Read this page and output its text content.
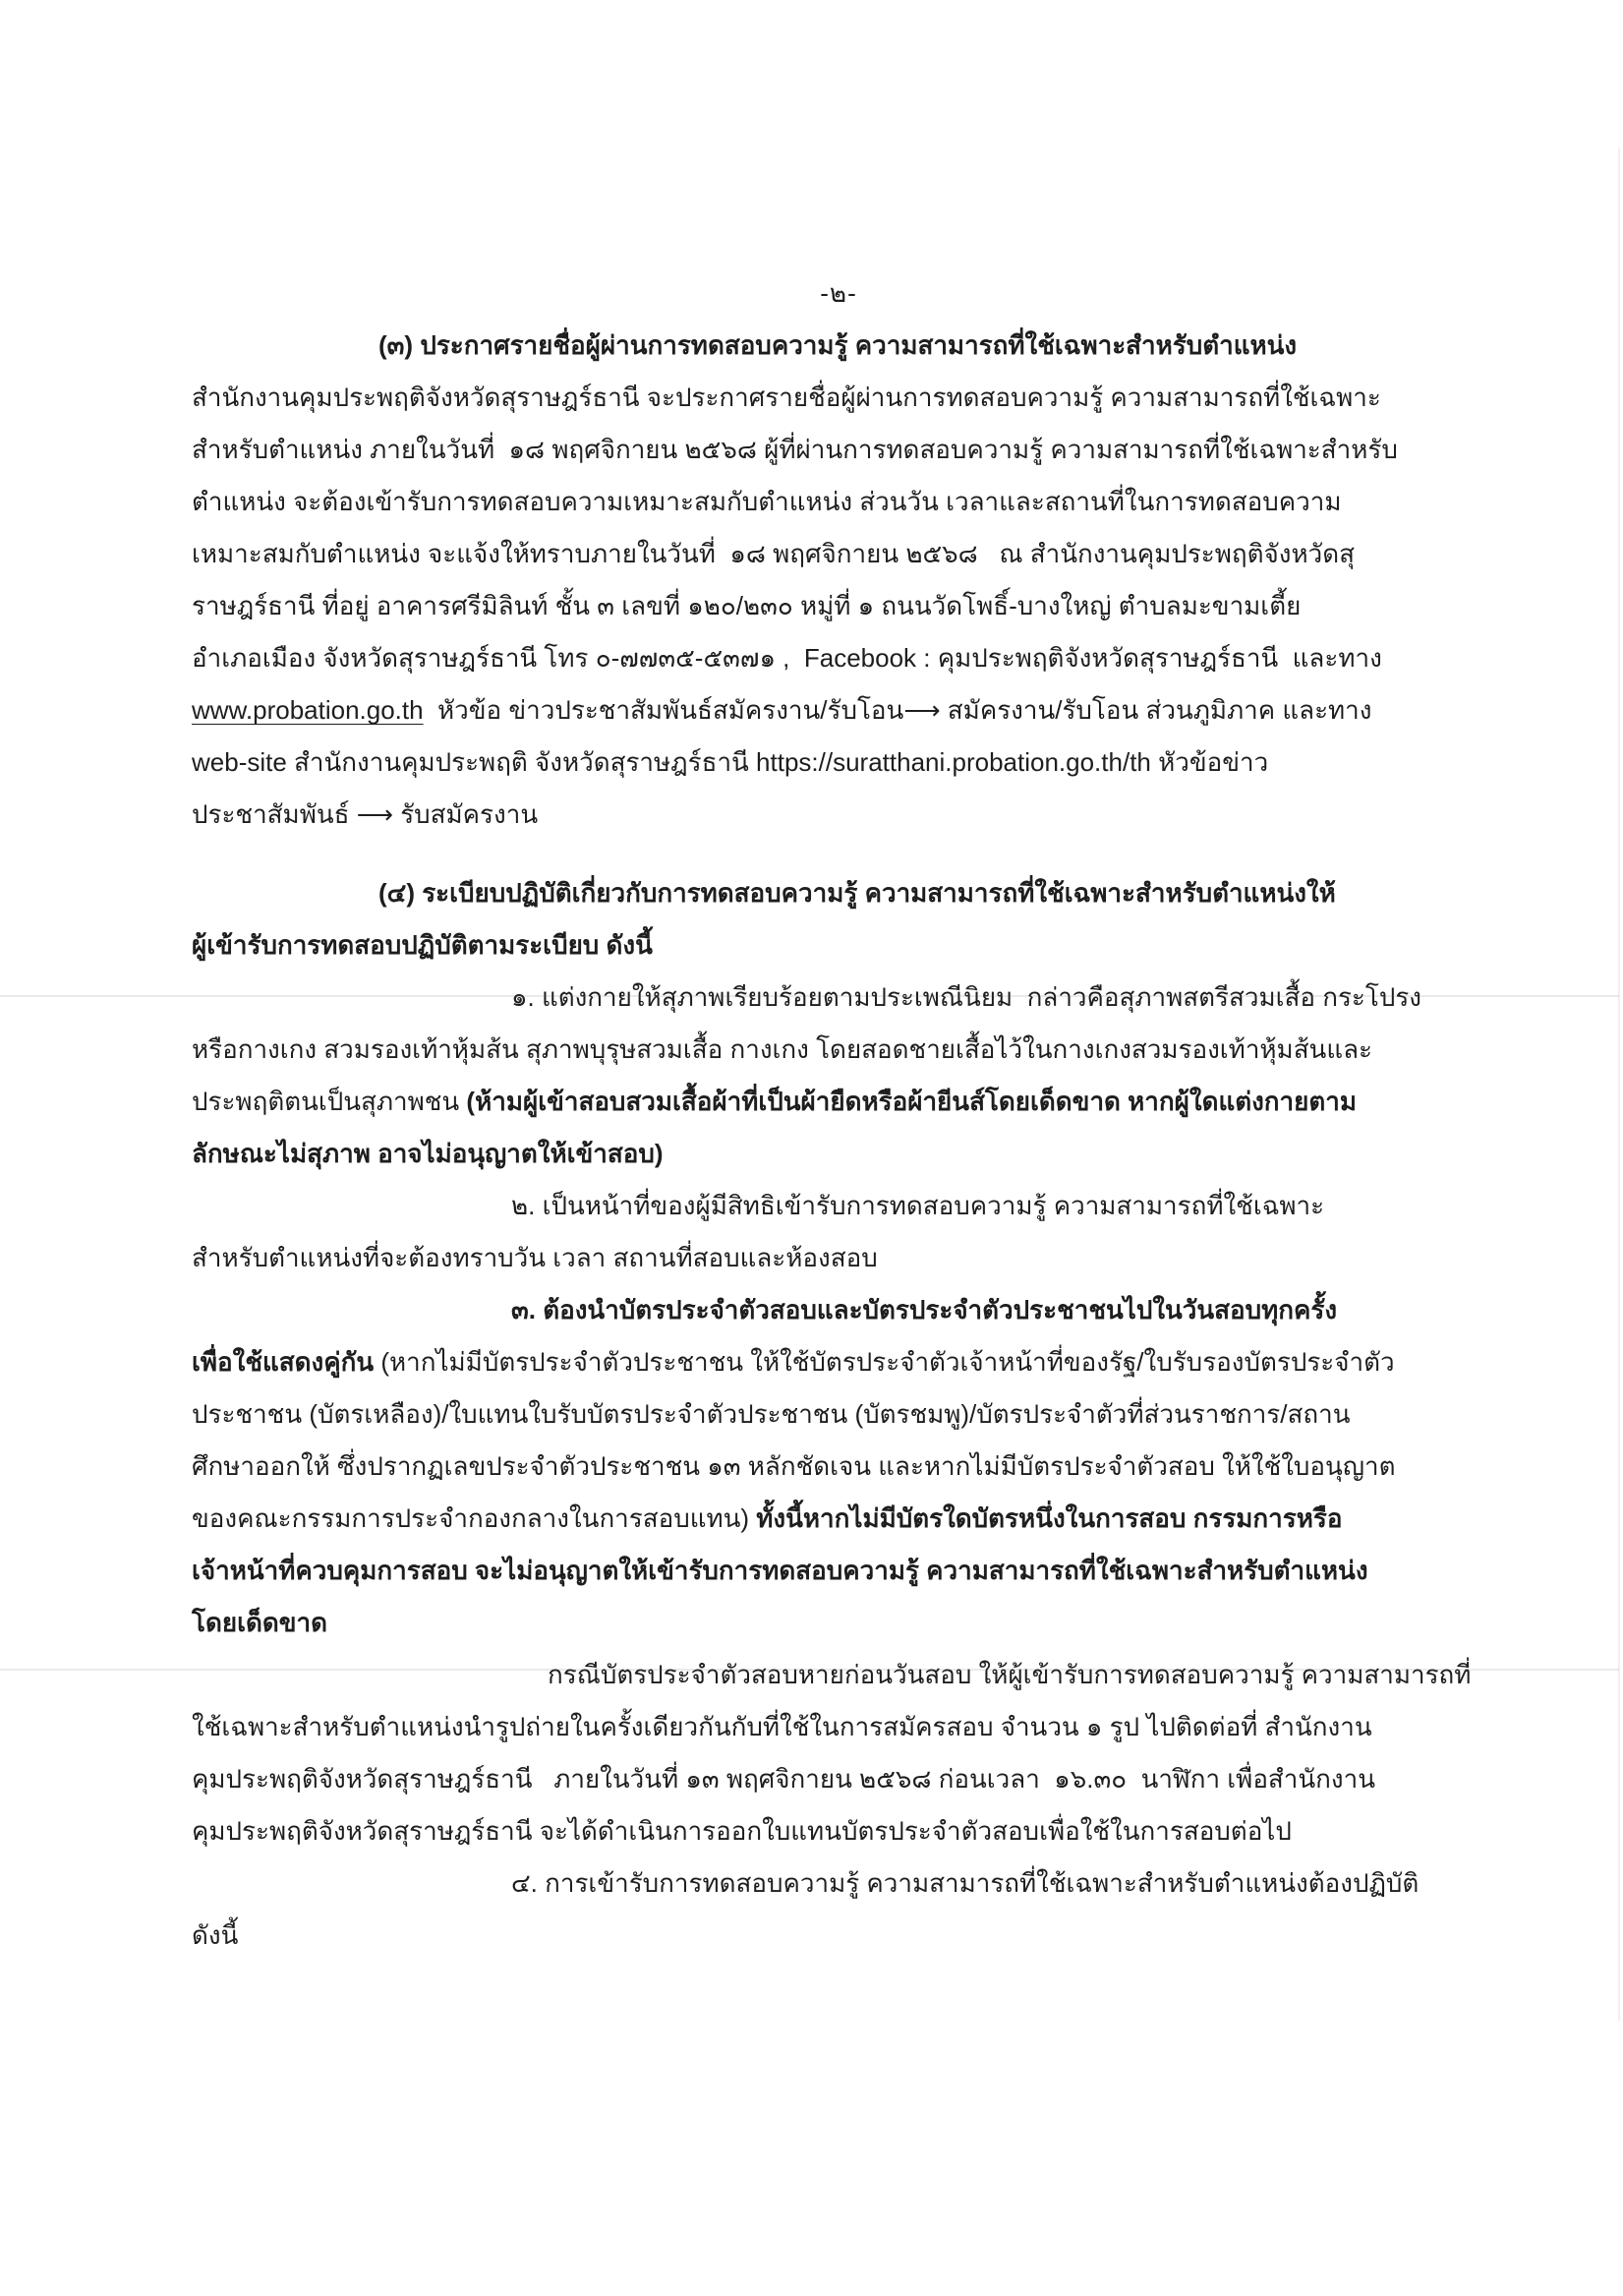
-๒-
(๓) ประกาศรายชื่อผู้ผ่านการทดสอบความรู้ ความสามารถที่ใช้เฉพาะสำหรับตำแหน่ง
สำนักงานคุมประพฤติจังหวัดสุราษฎร์ธานี จะประกาศรายชื่อผู้ผ่านการทดสอบความรู้ ความสามารถที่ใช้เฉพาะ
สำหรับตำแหน่ง ภายในวันที่  ๑๘ พฤศจิกายน ๒๕๖๘ ผู้ที่ผ่านการทดสอบความรู้ ความสามารถที่ใช้เฉพาะสำหรับ
ตำแหน่ง จะต้องเข้ารับการทดสอบความเหมาะสมกับตำแหน่ง ส่วนวัน เวลาและสถานที่ในการทดสอบความ
เหมาะสมกับตำแหน่ง จะแจ้งให้ทราบภายในวันที่  ๑๘ พฤศจิกายน ๒๕๖๘   ณ สำนักงานคุมประพฤติจังหวัดสุ
ราษฎร์ธานี ที่อยู่ อาคารศรีมิลินท์ ชั้น ๓ เลขที่ ๑๒๐/๒๓๐ หมู่ที่ ๑ ถนนวัดโพธิ์-บางใหญ่ ตำบลมะขามเตี้ย
อำเภอเมือง จังหวัดสุราษฎร์ธานี โทร ๐-๗๗๓๕-๕๓๗๑ ,  Facebook : คุมประพฤติจังหวัดสุราษฎร์ธานี  และทาง
www.probation.go.th  หัวข้อ ข่าวประชาสัมพันธ์สมัครงาน/รับโอน⟶ สมัครงาน/รับโอน ส่วนภูมิภาค และทาง
web-site สำนักงานคุมประพฤติ จังหวัดสุราษฎร์ธานี https://suratthani.probation.go.th/th หัวข้อข่าว
ประชาสัมพันธ์ ⟶ รับสมัครงาน
(๔) ระเบียบปฏิบัติเกี่ยวกับการทดสอบความรู้ ความสามารถที่ใช้เฉพาะสำหรับตำแหน่งให้
ผู้เข้ารับการทดสอบปฏิบัติตามระเบียบ ดังนี้
๑. แต่งกายให้สุภาพเรียบร้อยตามประเพณีนิยม  กล่าวคือสุภาพสตรีสวมเสื้อ กระโปรง
หรือกางเกง สวมรองเท้าหุ้มส้น สุภาพบุรุษสวมเสื้อ กางเกง โดยสอดชายเสื้อไว้ในกางเกงสวมรองเท้าหุ้มส้นและ
ประพฤติตนเป็นสุภาพชน (ห้ามผู้เข้าสอบสวมเสื้อผ้าที่เป็นผ้ายืดหรือผ้ายีนส์โดยเด็ดขาด หากผู้ใดแต่งกายตาม
ลักษณะไม่สุภาพ อาจไม่อนุญาตให้เข้าสอบ)
๒. เป็นหน้าที่ของผู้มีสิทธิเข้ารับการทดสอบความรู้ ความสามารถที่ใช้เฉพาะ
สำหรับตำแหน่งที่จะต้องทราบวัน เวลา สถานที่สอบและห้องสอบ
๓. ต้องนำบัตรประจำตัวสอบและบัตรประจำตัวประชาชนไปในวันสอบทุกครั้ง
เพื่อใช้แสดงคู่กัน (หากไม่มีบัตรประจำตัวประชาชน ให้ใช้บัตรประจำตัวเจ้าหน้าที่ของรัฐ/ใบรับรองบัตรประจำตัว
ประชาชน (บัตรเหลือง)/ใบแทนใบรับบัตรประจำตัวประชาชน (บัตรชมพู)/บัตรประจำตัวที่ส่วนราชการ/สถาน
ศึกษาออกให้ ซึ่งปรากฏเลขประจำตัวประชาชน ๑๓ หลักชัดเจน และหากไม่มีบัตรประจำตัวสอบ ให้ใช้ใบอนุญาต
ของคณะกรรมการประจำกองกลางในการสอบแทน) ทั้งนี้หากไม่มีบัตรใดบัตรหนึ่งในการสอบ กรรมการหรือ
เจ้าหน้าที่ควบคุมการสอบ จะไม่อนุญาตให้เข้ารับการทดสอบความรู้ ความสามารถที่ใช้เฉพาะสำหรับตำแหน่ง
โดยเด็ดขาด
กรณีบัตรประจำตัวสอบหายก่อนวันสอบ ให้ผู้เข้ารับการทดสอบความรู้ ความสามารถที่
ใช้เฉพาะสำหรับตำแหน่งนำรูปถ่ายในครั้งเดียวกันกับที่ใช้ในการสมัครสอบ จำนวน ๑ รูป ไปติดต่อที่ สำนักงาน
คุมประพฤติจังหวัดสุราษฎร์ธานี   ภายในวันที่ ๑๓ พฤศจิกายน ๒๕๖๘ ก่อนเวลา  ๑๖.๓๐  นาฬิกา เพื่อสำนักงาน
คุมประพฤติจังหวัดสุราษฎร์ธานี จะได้ดำเนินการออกใบแทนบัตรประจำตัวสอบเพื่อใช้ในการสอบต่อไป
๔. การเข้ารับการทดสอบความรู้ ความสามารถที่ใช้เฉพาะสำหรับตำแหน่งต้องปฏิบัติ
ดังนี้
